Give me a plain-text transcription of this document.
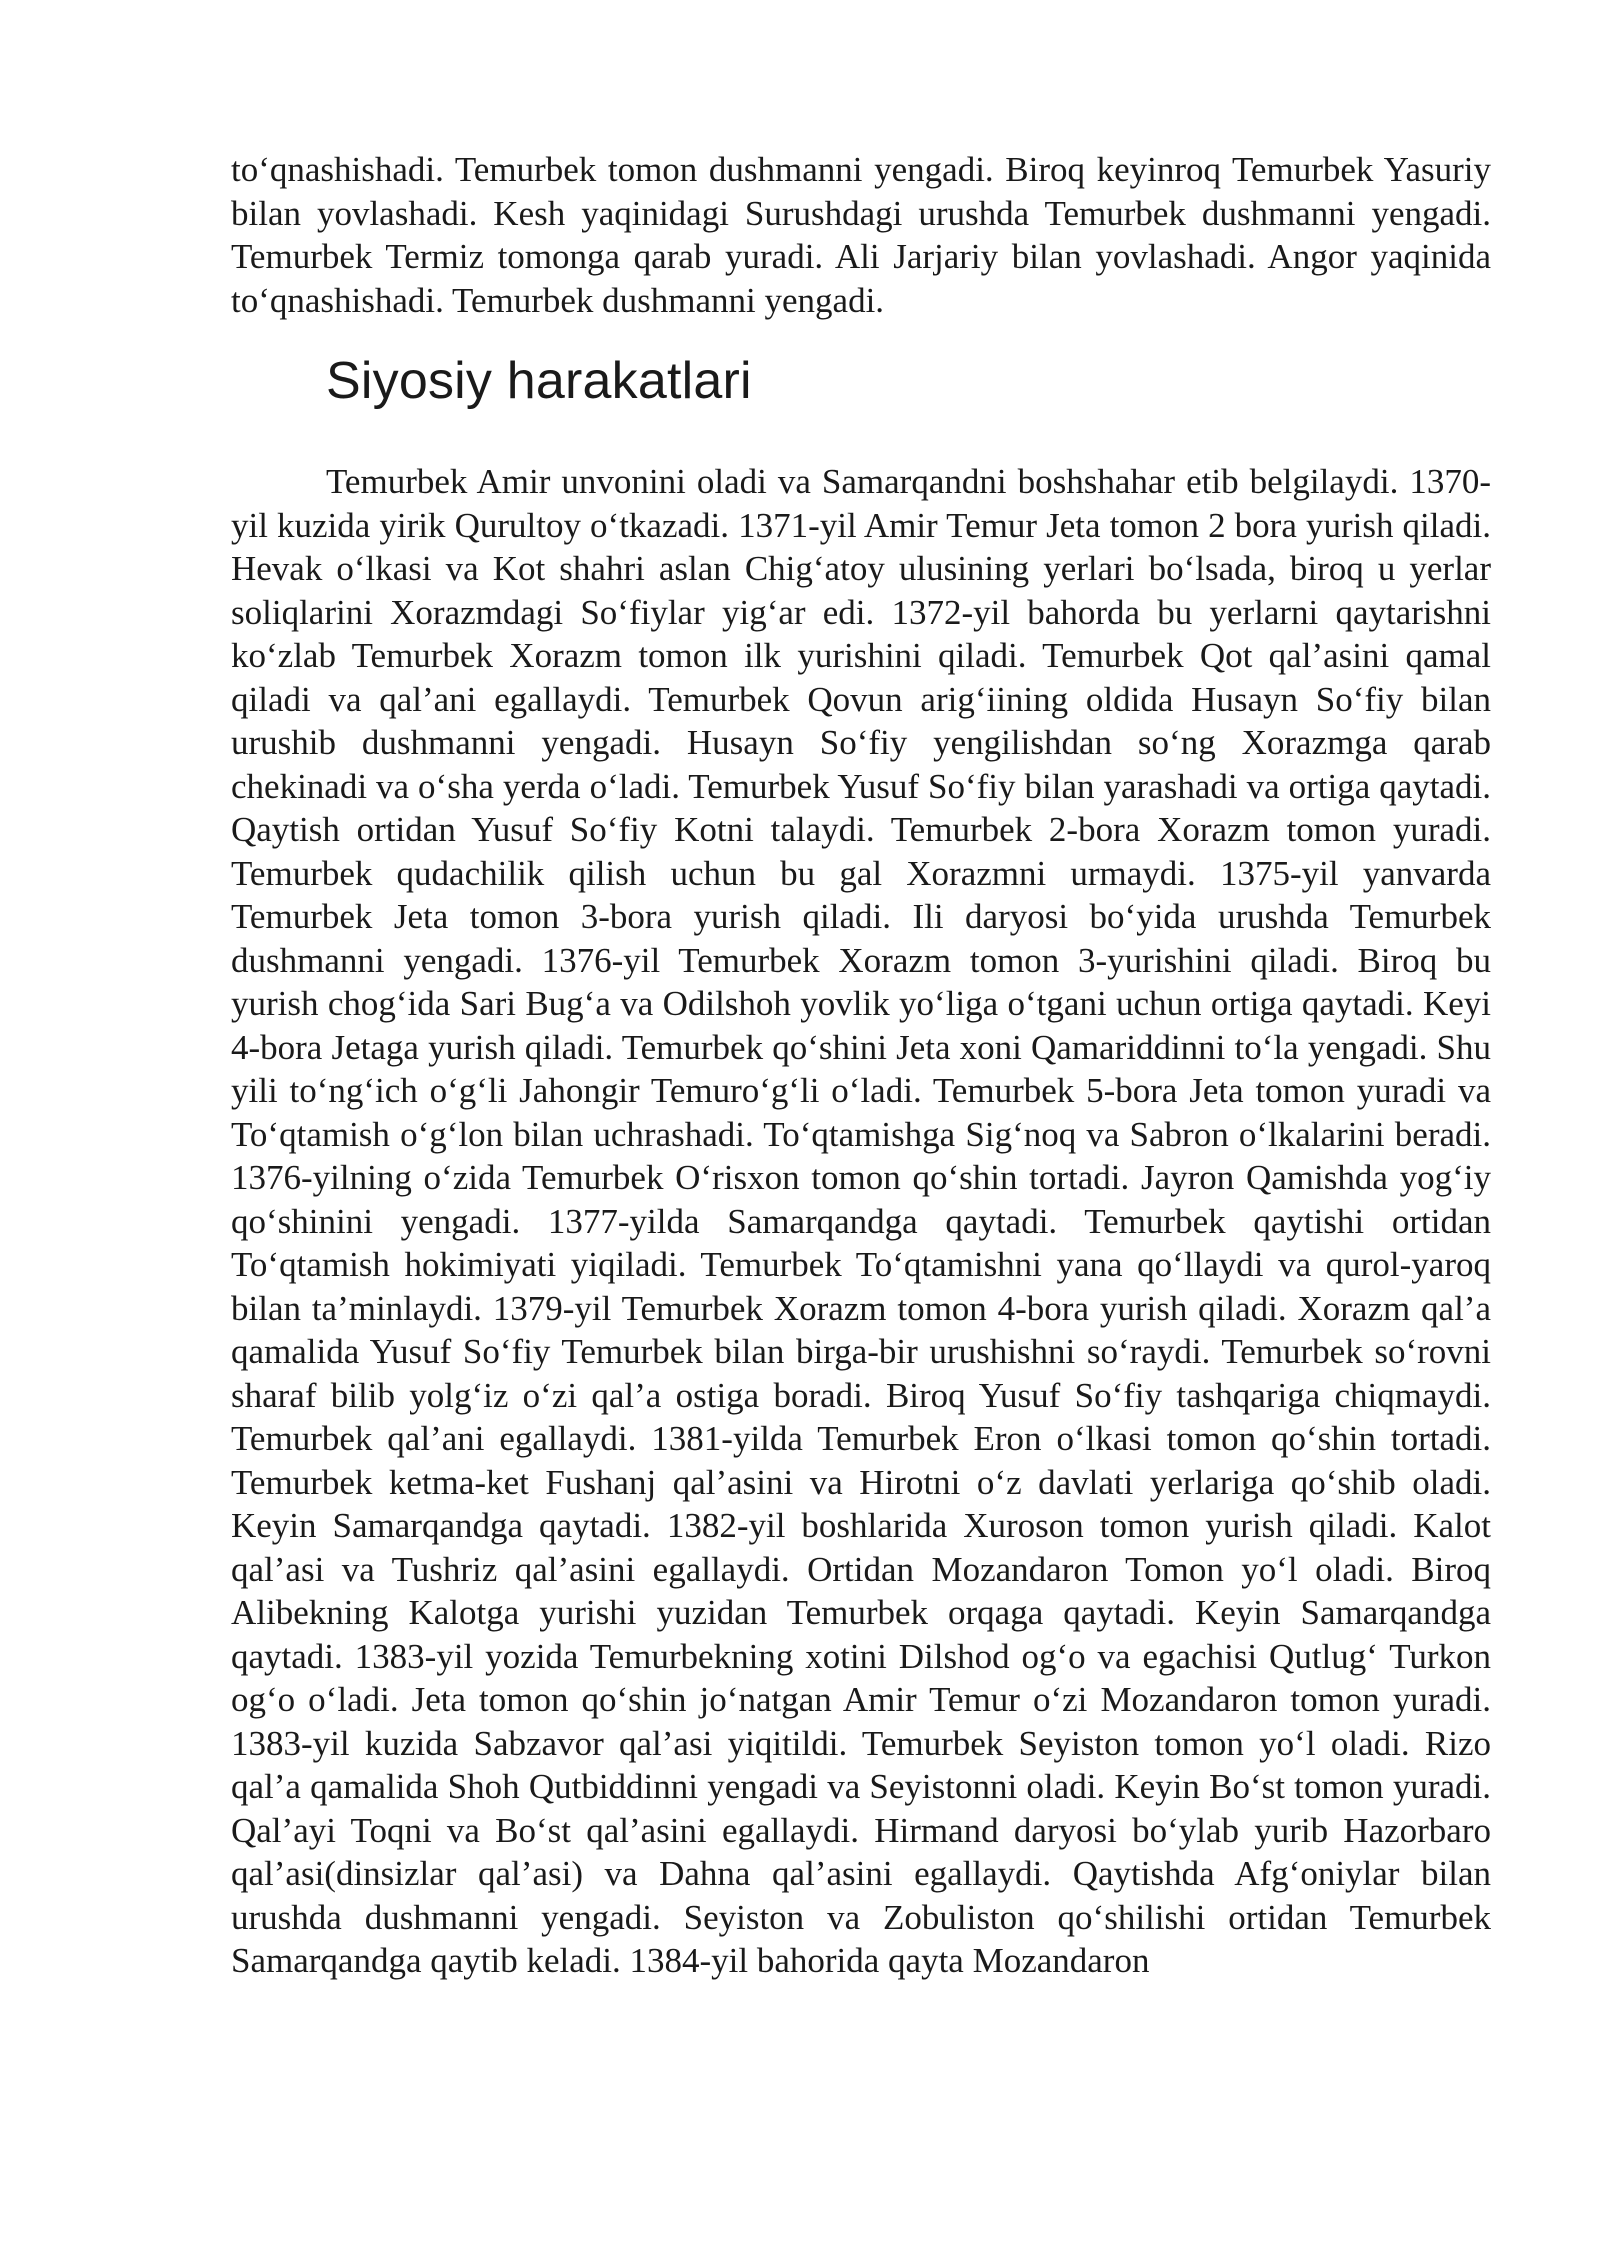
to‘qnashishadi. Temurbek tomon dushmanni yengadi. Biroq keyinroq Temurbek Yasuriy bilan yovlashadi. Kesh yaqinidagi Surushdagi urushda Temurbek dushmanni yengadi. Temurbek Termiz tomonga qarab yuradi. Ali Jarjariy bilan yovlashadi. Angor yaqinida to‘qnashishadi. Temurbek dushmanni yengadi.

Siyosiy harakatlari

Temurbek Amir unvonini oladi va Samarqandni boshshahar etib belgilaydi. 1370-yil kuzida yirik Qurultoy o‘tkazadi. 1371-yil Amir Temur Jeta tomon 2 bora yurish qiladi. Hevak o‘lkasi va Kot shahri aslan Chig‘atoy ulusining yerlari bo‘lsada, biroq u yerlar soliqlarini Xorazmdagi So‘fiylar yig‘ar edi. 1372-yil bahorda bu yerlarni qaytarishni ko‘zlab Temurbek Xorazm tomon ilk yurishini qiladi. Temurbek Qot qal’asini qamal qiladi va qal’ani egallaydi. Temurbek Qovun arig‘iining oldida Husayn So‘fiy bilan urushib dushmanni yengadi. Husayn So‘fiy yengilishdan so‘ng Xorazmga qarab chekinadi va o‘sha yerda o‘ladi. Temurbek Yusuf So‘fiy bilan yarashadi va ortiga qaytadi. Qaytish ortidan Yusuf So‘fiy Kotni talaydi. Temurbek 2-bora Xorazm tomon yuradi. Temurbek qudachilik qilish uchun bu gal Xorazmni urmaydi. 1375-yil yanvarda Temurbek Jeta tomon 3-bora yurish qiladi. Ili daryosi bo‘yida urushda Temurbek dushmanni yengadi. 1376-yil Temurbek Xorazm tomon 3-yurishini qiladi. Biroq bu yurish chog‘ida Sari Bug‘a va Odilshoh yovlik yo‘liga o‘tgani uchun ortiga qaytadi. Keyi 4-bora Jetaga yurish qiladi. Temurbek qo‘shini Jeta xoni Qamariddinni to‘la yengadi. Shu yili to‘ng‘ich o‘g‘li Jahongir Temuro‘g‘li o‘ladi. Temurbek 5-bora Jeta tomon yuradi va To‘qtamish o‘g‘lon bilan uchrashadi. To‘qtamishga Sig‘noq va Sabron o‘lkalarini beradi. 1376-yilning o‘zida Temurbek O‘risxon tomon qo‘shin tortadi. Jayron Qamishda yog‘iy qo‘shinini yengadi. 1377-yilda Samarqandga qaytadi. Temurbek qaytishi ortidan To‘qtamish hokimiyati yiqiladi. Temurbek To‘qtamishni yana qo‘llaydi va qurol-yaroq bilan ta’minlaydi. 1379-yil Temurbek Xorazm tomon 4-bora yurish qiladi. Xorazm qal’a qamalida Yusuf So‘fiy Temurbek bilan birga-bir urushishni so‘raydi. Temurbek so‘rovni sharaf bilib yolg‘iz o‘zi qal’a ostiga boradi. Biroq Yusuf So‘fiy tashqariga chiqmaydi. Temurbek qal’ani egallaydi. 1381-yilda Temurbek Eron o‘lkasi tomon qo‘shin tortadi. Temurbek ketma-ket Fushanj qal’asini va Hirotni o‘z davlati yerlariga qo‘shib oladi. Keyin Samarqandga qaytadi. 1382-yil boshlarida Xuroson tomon yurish qiladi. Kalot qal’asi va Tushriz qal’asini egallaydi. Ortidan Mozandaron Tomon yo‘l oladi. Biroq Alibekning Kalotga yurishi yuzidan Temurbek orqaga qaytadi. Keyin Samarqandga qaytadi. 1383-yil yozida Temurbekning xotini Dilshod og‘o va egachisi Qutlug‘ Turkon og‘o o‘ladi. Jeta tomon qo‘shin jo‘natgan Amir Temur o‘zi Mozandaron tomon yuradi. 1383-yil kuzida Sabzavor qal’asi yiqitildi. Temurbek Seyiston tomon yo‘l oladi. Rizo qal’a qamalida Shoh Qutbiddinni yengadi va Seyistonni oladi. Keyin Bo‘st tomon yuradi. Qal’ayi Toqni va Bo‘st qal’asini egallaydi. Hirmand daryosi bo‘ylab yurib Hazorbaro qal’asi(dinsizlar qal’asi) va Dahna qal’asini egallaydi. Qaytishda Afg‘oniylar bilan urushda dushmanni yengadi. Seyiston va Zobuliston qo‘shilishi ortidan Temurbek Samarqandga qaytib keladi. 1384-yil bahorida qayta Mozandaron
